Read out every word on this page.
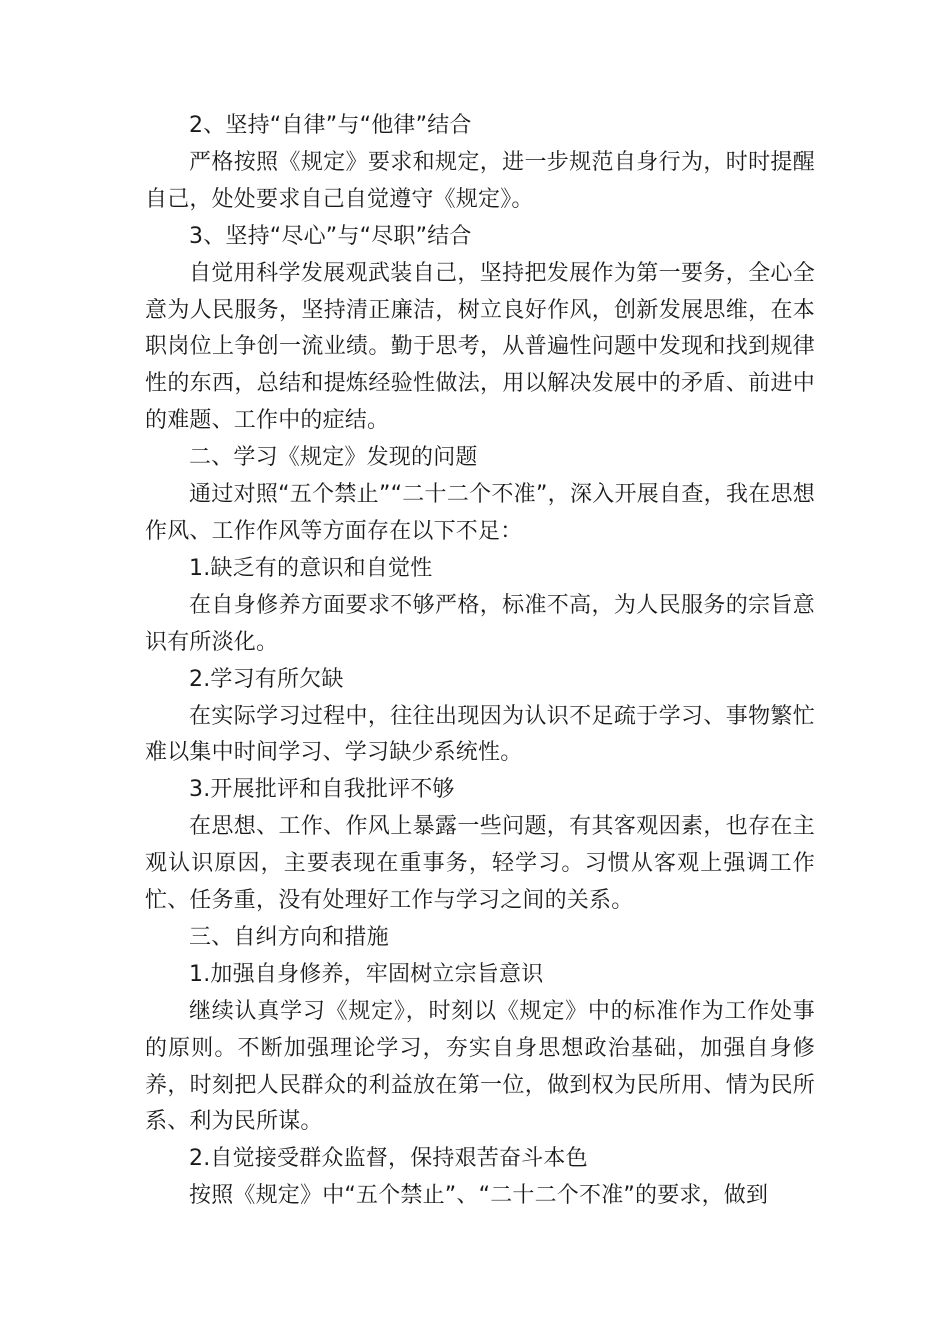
2、坚持“自律”与“他律”结合

严格按照《规定》要求和规定，进一步规范自身行为，时时提醒自己，处处要求自己自觉遵守《规定》。

3、坚持“尽心”与“尽职”结合

自觉用科学发展观武装自己，坚持把发展作为第一要务，全心全意为人民服务，坚持清正廉洁，树立良好作风，创新发展思维，在本职岗位上争创一流业绩。勤于思考，从普遍性问题中发现和找到规律性的东西，总结和提炼经验性做法，用以解决发展中的矛盾、前进中的难题、工作中的症结。

二、学习《规定》发现的问题

通过对照“五个禁止”“二十二个不准”，深入开展自查，我在思想作风、工作作风等方面存在以下不足：

1.缺乏有的意识和自觉性

在自身修养方面要求不够严格，标准不高，为人民服务的宗旨意识有所淡化。

2.学习有所欠缺

在实际学习过程中，往往出现因为认识不足疏于学习、事物繁忙难以集中时间学习、学习缺少系统性。

3.开展批评和自我批评不够

在思想、工作、作风上暴露一些问题，有其客观因素，也存在主观认识原因，主要表现在重事务，轻学习。习惯从客观上强调工作忙、任务重，没有处理好工作与学习之间的关系。

三、自纠方向和措施

1.加强自身修养，牢固树立宗旨意识

继续认真学习《规定》，时刻以《规定》中的标准作为工作处事的原则。不断加强理论学习，夯实自身思想政治基础，加强自身修养，时刻把人民群众的利益放在第一位，做到权为民所用、情为民所系、利为民所谋。

2.自觉接受群众监督，保持艰苦奋斗本色

按照《规定》中“五个禁止”、“二十二个不准”的要求，做到
